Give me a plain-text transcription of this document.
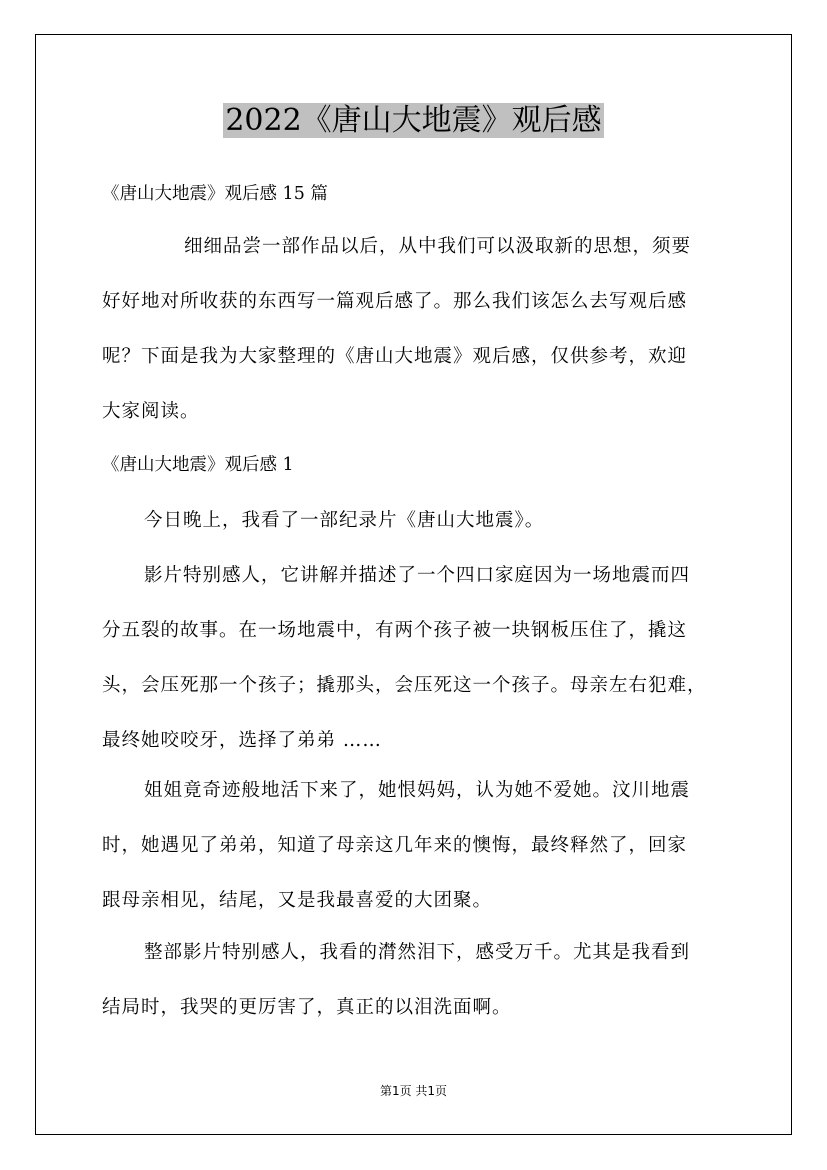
2022《唐山大地震》观后感
《唐山大地震》观后感 15 篇
细细品尝一部作品以后，从中我们可以汲取新的思想，须要
好好地对所收获的东西写一篇观后感了。那么我们该怎么去写观后感
呢？下面是我为大家整理的《唐山大地震》观后感，仅供参考，欢迎
大家阅读。
《唐山大地震》观后感 1
今日晚上，我看了一部纪录片《唐山大地震》。
影片特别感人，它讲解并描述了一个四口家庭因为一场地震而四
分五裂的故事。在一场地震中，有两个孩子被一块钢板压住了，撬这
头，会压死那一个孩子；撬那头，会压死这一个孩子。母亲左右犯难，
最终她咬咬牙，选择了弟弟 ……
姐姐竟奇迹般地活下来了，她恨妈妈，认为她不爱她。汶川地震
时，她遇见了弟弟，知道了母亲这几年来的懊悔，最终释然了，回家
跟母亲相见，结尾，又是我最喜爱的大团聚。
整部影片特别感人，我看的潸然泪下，感受万千。尤其是我看到
结局时，我哭的更厉害了，真正的以泪洗面啊。
第1页 共1页
